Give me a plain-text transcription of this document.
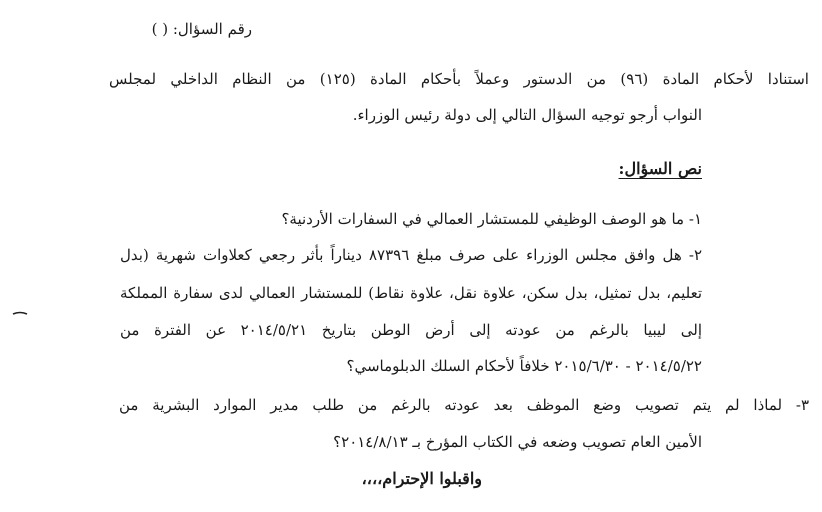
رقم السؤال: ( )
استنادا لأحكام المادة (٩٦) من الدستور وعملاً بأحكام المادة (١٢٥) من النظام الداخلي لمجلس
النواب أرجو توجيه السؤال التالي إلى دولة رئيس الوزراء.
نص السؤال:
١- ما هو الوصف الوظيفي للمستشار العمالي في السفارات الأردنية؟
٢- هل وافق مجلس الوزراء على صرف مبلغ ٨٧٣٩٦ ديناراً بأثر رجعي كعلاوات شهرية (بدل
تعليم، بدل تمثيل، بدل سكن، علاوة نقل، علاوة نقاط) للمستشار العمالي لدى سفارة المملكة
إلى ليبيا بالرغم من عودته إلى أرض الوطن بتاريخ ٢٠١٤/٥/٢١ عن الفترة من
٢٠١٤/٥/٢٢ - ٢٠١٥/٦/٣٠ خلافاً لأحكام السلك الدبلوماسي؟
٣- لماذا لم يتم تصويب وضع الموظف بعد عودته بالرغم من طلب مدير الموارد البشرية من
الأمين العام تصويب وضعه في الكتاب المؤرخ بـ ٢٠١٤/٨/١٣؟
واقبلوا الإحترام،،،،
